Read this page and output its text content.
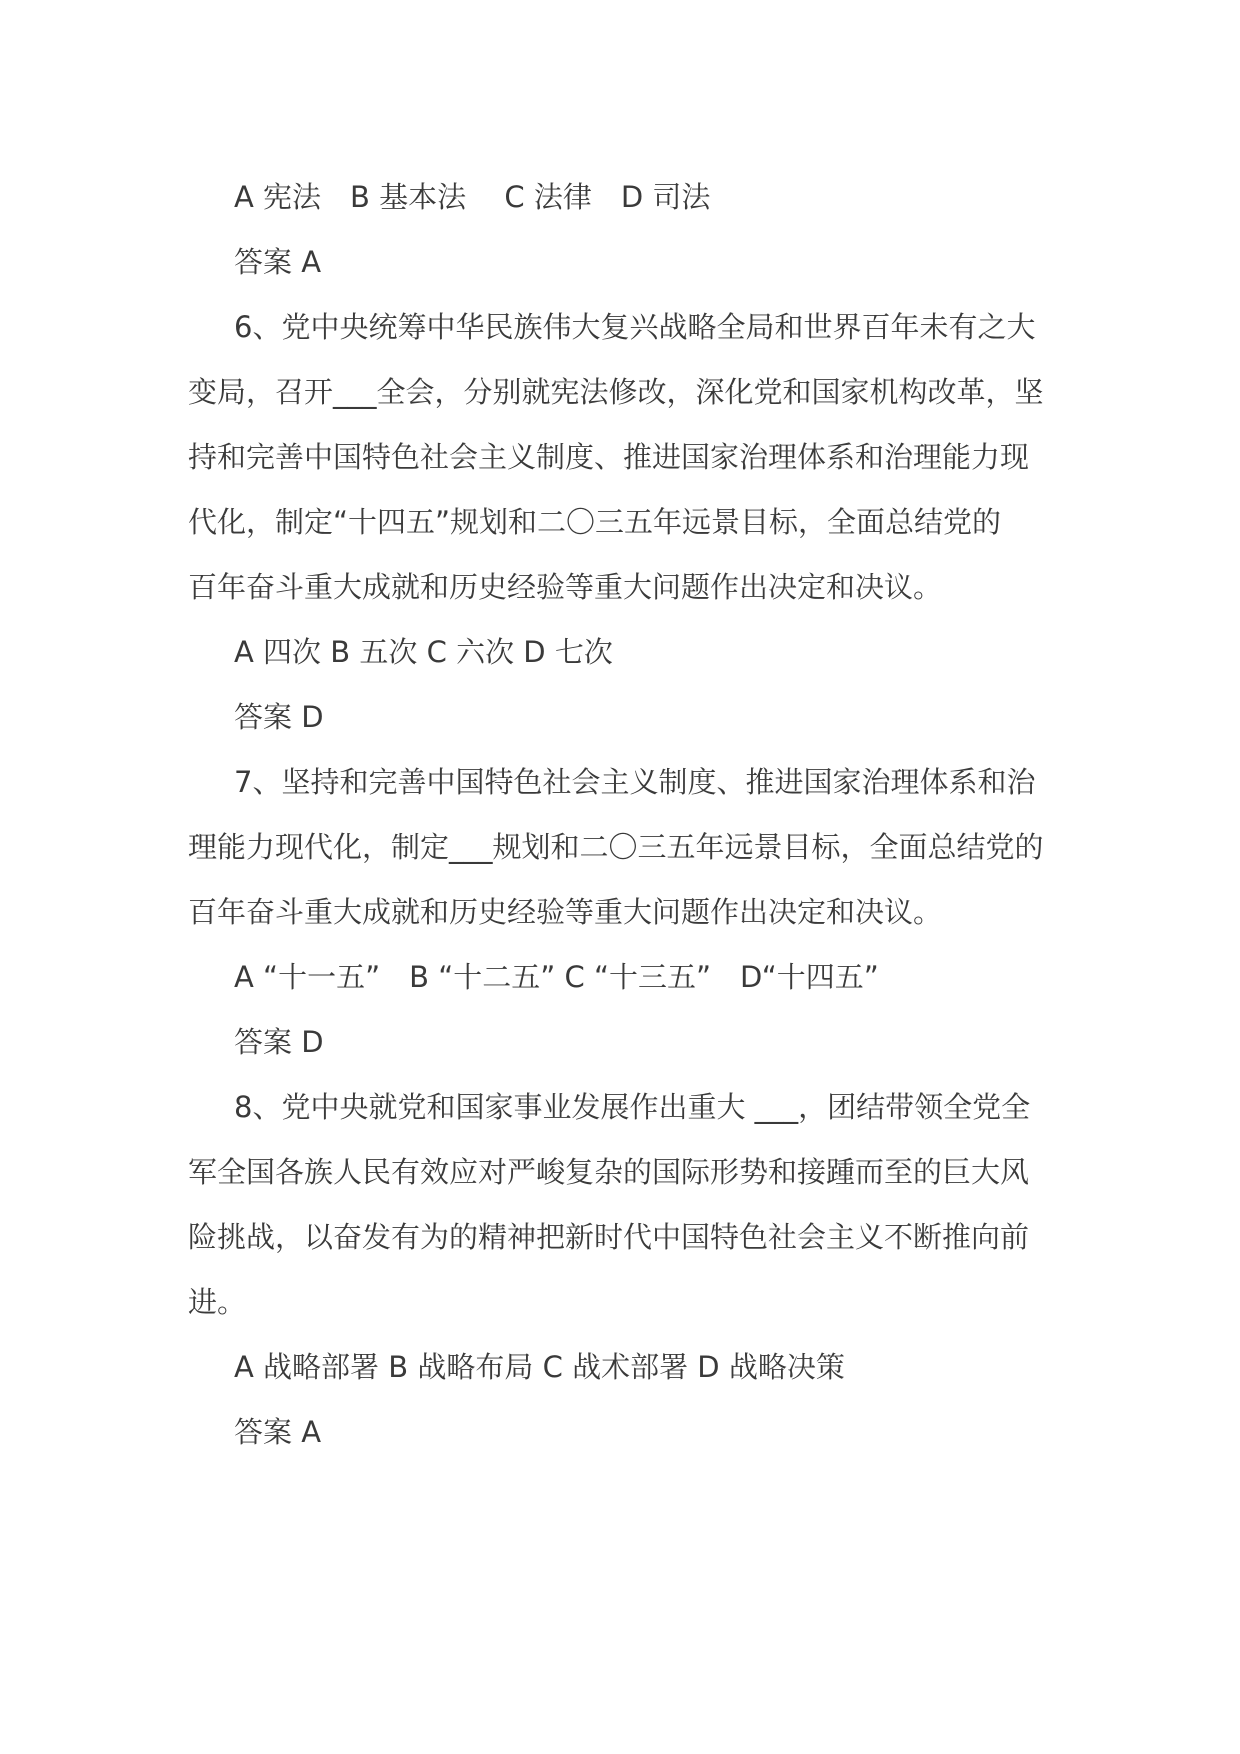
A 宪法　B 基本法　 C 法律　D 司法

答案 A

6、党中央统筹中华民族伟大复兴战略全局和世界百年未有之大

变局，召开___全会，分别就宪法修改，深化党和国家机构改革，坚

持和完善中国特色社会主义制度、推进国家治理体系和治理能力现

代化，制定“十四五”规划和二〇三五年远景目标，全面总结党的

百年奋斗重大成就和历史经验等重大问题作出决定和决议。

A 四次 B 五次 C 六次 D 七次

答案 D

7、坚持和完善中国特色社会主义制度、推进国家治理体系和治

理能力现代化，制定___规划和二〇三五年远景目标，全面总结党的

百年奋斗重大成就和历史经验等重大问题作出决定和决议。

A “十一五”　B “十二五” C “十三五”　D“十四五”

答案 D

8、党中央就党和国家事业发展作出重大 ___，团结带领全党全

军全国各族人民有效应对严峻复杂的国际形势和接踵而至的巨大风

险挑战，以奋发有为的精神把新时代中国特色社会主义不断推向前

进。

A 战略部署 B 战略布局 C 战术部署 D 战略决策

答案 A
